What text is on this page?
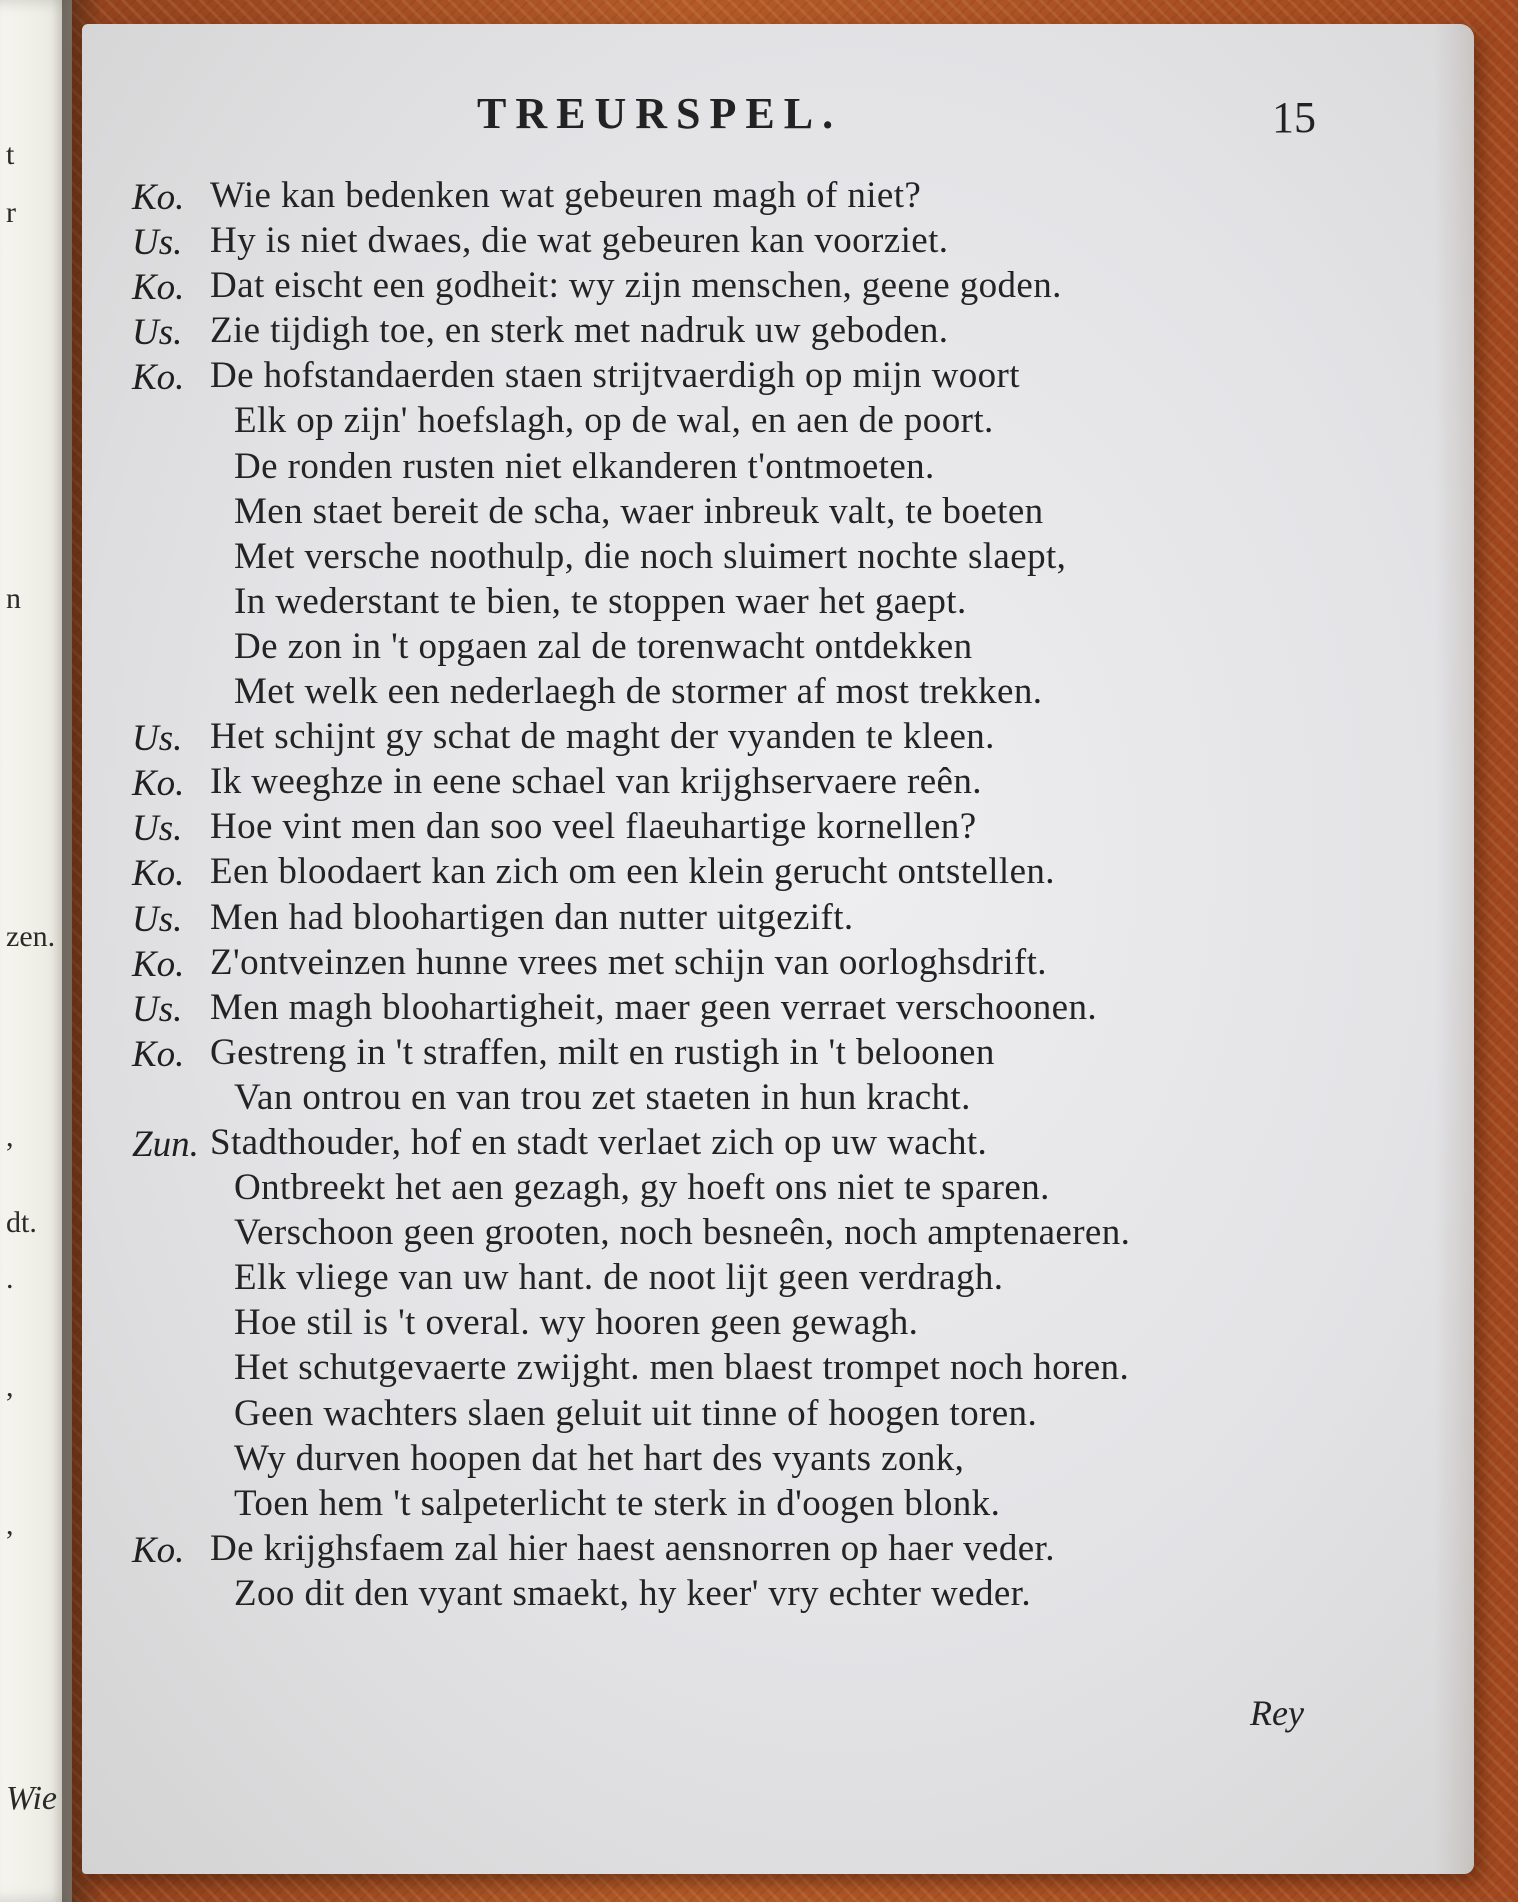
t
r
n
zen.
,
dt.
.
,
,
Wie
TREURSPEL.	15
Ko. Wie kan bedenken wat gebeuren magh of niet?
Us. Hy is niet dwaes, die wat gebeuren kan voorziet.
Ko. Dat eischt een godheit: wy zijn menschen, geene goden.
Us. Zie tijdigh toe, en sterk met nadruk uw geboden.
Ko. De hofstandaerden staen strijtvaerdigh op mijn woort
Elk op zijn' hoefslagh, op de wal, en aen de poort.
De ronden rusten niet elkanderen t'ontmoeten.
Men staet bereit de scha, waer inbreuk valt, te boeten
Met versche noothulp, die noch sluimert nochte slaept,
In wederstant te bien, te stoppen waer het gaept.
De zon in 't opgaen zal de torenwacht ontdekken
Met welk een nederlaegh de stormer af most trekken.
Us. Het schijnt gy schat de maght der vyanden te kleen.
Ko. Ik weeghze in eene schael van krijghservaere reên.
Us. Hoe vint men dan soo veel flaeuhartige kornellen?
Ko. Een bloodaert kan zich om een klein gerucht ontstellen.
Us. Men had bloohartigen dan nutter uitgezift.
Ko. Z'ontveinzen hunne vrees met schijn van oorloghsdrift.
Us. Men magh bloohartigheit, maer geen verraet verschoonen.
Ko. Gestreng in 't straffen, milt en rustigh in 't beloonen
Van ontrou en van trou zet staeten in hun kracht.
Zun. Stadthouder, hof en stadt verlaet zich op uw wacht.
Ontbreekt het aen gezagh, gy hoeft ons niet te sparen.
Verschoon geen grooten, noch besneên, noch amptenaeren.
Elk vliege van uw hant. de noot lijt geen verdragh.
Hoe stil is 't overal. wy hooren geen gewagh.
Het schutgevaerte zwijght. men blaest trompet noch horen.
Geen wachters slaen geluit uit tinne of hoogen toren.
Wy durven hoopen dat het hart des vyants zonk,
Toen hem 't salpeterlicht te sterk in d'oogen blonk.
Ko. De krijghsfaem zal hier haest aensnorren op haer veder.
Zoo dit den vyant smaekt, hy keer' vry echter weder.
Rey
